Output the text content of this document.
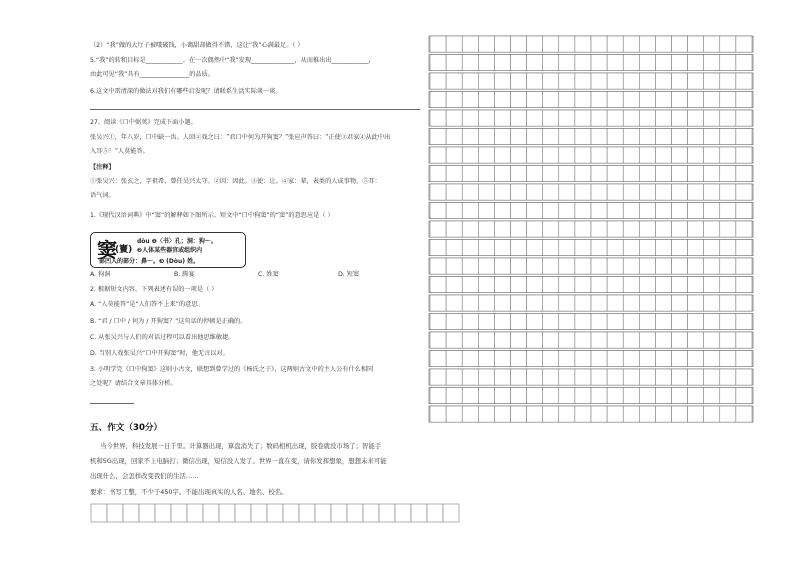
（2）“我”做的大厅子被哦破钱，小蔼甜却做得不错，这让“我”心满最足。（ ）
5.“我”的转和目标是____________。在一次偶然中“我”发现______________，从而推出出____________，
由此可见“我”具有________________的品质。
6.这文中雷清深的做法对我们有哪些启发呢？请联系生活实际谈一谈。
27、阅读《口中弼荚》完成下面小题。
张吴兴①，年八岁，口中缺一齿。人回②戏之曰：“君口中何为开狗窦？”张应声答曰：“正使③君家④从此中出
入耳⑤！”人莫能答。
【注释】
①张吴兴：张玄之，字祖希，曾任吴兴太守。②因：因此。③使：让。④家：辈，表类的人或事物。⑤耳：
语气词。
1.《现代汉语词典》中“窦”的解释如下图所示。短文中“口中狗窦”的“窦”的意思应是（ ）
窦
(竇)
dòu ❶〈书〉孔；洞：狗～。
❷人体某些器官或组织内
部凹入的部分：鼻～。❸ (Dòu) 姓。
A. 狗洞	B. 腾宴	C. 姓窦	D. 短窦
2. 根据短文内容，下列表述有误的一项是（ ）
A. “人莫能答”是“人们答不上来”的意思。
B. “君 / 口中 / 何为 / 开狗窦？”这句话的停顿是正确的。
C. 从张吴兴与人们的对话过程可以看出他思维敏捷。
D. 当别人戏张吴兴“口中开狗窦”时，他无言以对。
3. 小明学完《口中狗窦》这则小古文，联想到曾学过的《杨氏之子》，这两则古文中的主人公有什么相同
之处呢？请结合文章具体分析。
五、作文（30分）
当今世界，科技发展一日千里。计算器出现，算盘消失了；数码相机出现，胶卷就没市场了；智能手
机和5G出现，回家不上电脑打；微信出现，短信没人发了。世界一直在变，请你发挥想象，想想未来可能
出现什么，会怎样改变我们的生活……
要求：书写工整，不少于450字。不能出现真实的人名、地名、校名。
